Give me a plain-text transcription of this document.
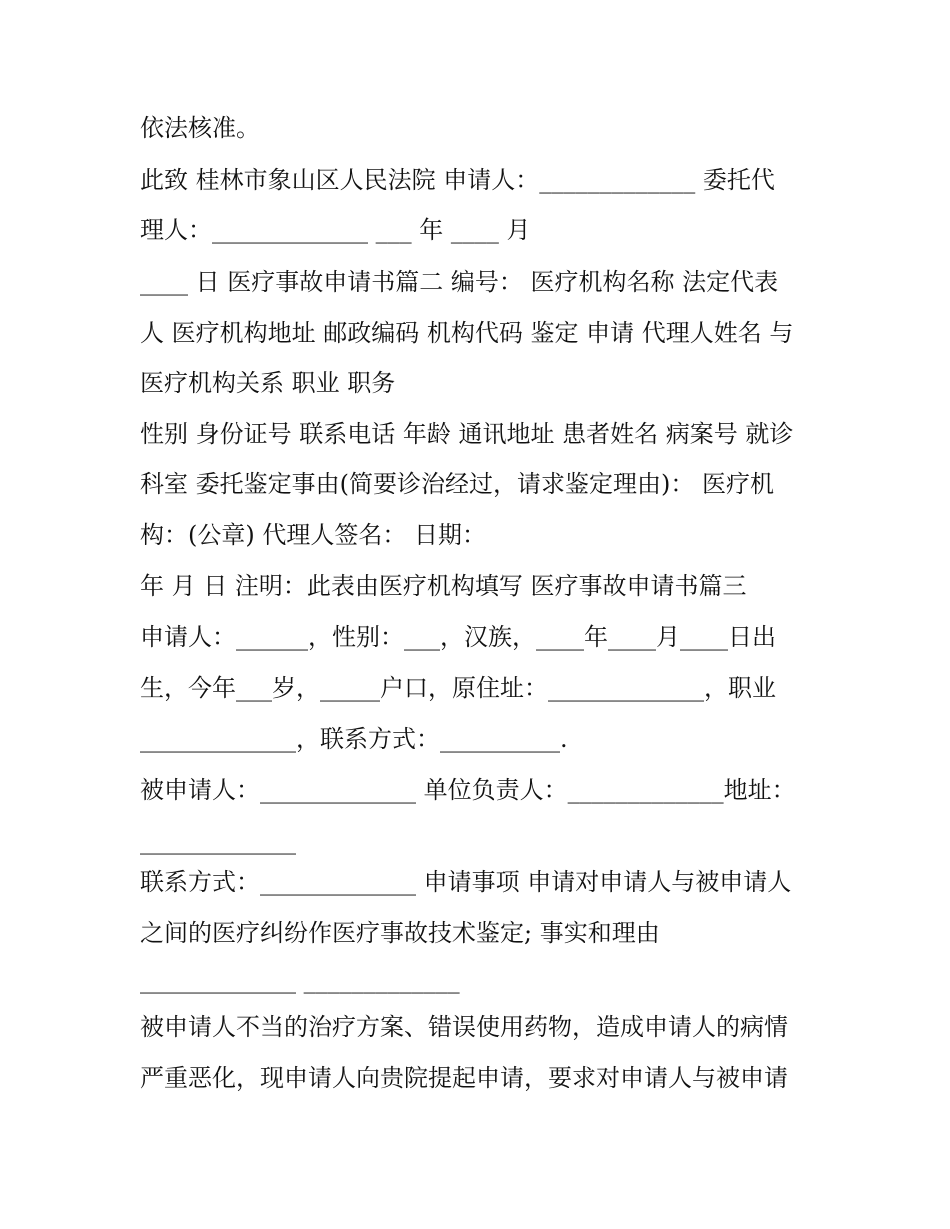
依法核准。

此致 桂林市象山区人民法院 申请人：_____________ 委托代

理人：_____________ ___ 年 ____ 月

____ 日 医疗事故申请书篇二 编号： 医疗机构名称 法定代表

人 医疗机构地址 邮政编码 机构代码 鉴定 申请 代理人姓名 与

医疗机构关系 职业 职务

性别 身份证号 联系电话 年龄 通讯地址 患者姓名 病案号 就诊

科室 委托鉴定事由(简要诊治经过，请求鉴定理由)： 医疗机

构：(公章) 代理人签名： 日期：

年 月 日 注明：此表由医疗机构填写 医疗事故申请书篇三

申请人：______，性别：___，汉族，____年____月____日出

生，今年___岁，_____户口，原住址：_____________，职业

_____________，联系方式：__________.

被申请人：_____________ 单位负责人：_____________地址：

_____________

联系方式：_____________ 申请事项 申请对申请人与被申请人

之间的医疗纠纷作医疗事故技术鉴定; 事实和理由

_____________ _____________

被申请人不当的治疗方案、错误使用药物，造成申请人的病情

严重恶化，现申请人向贵院提起申请，要求对申请人与被申请
